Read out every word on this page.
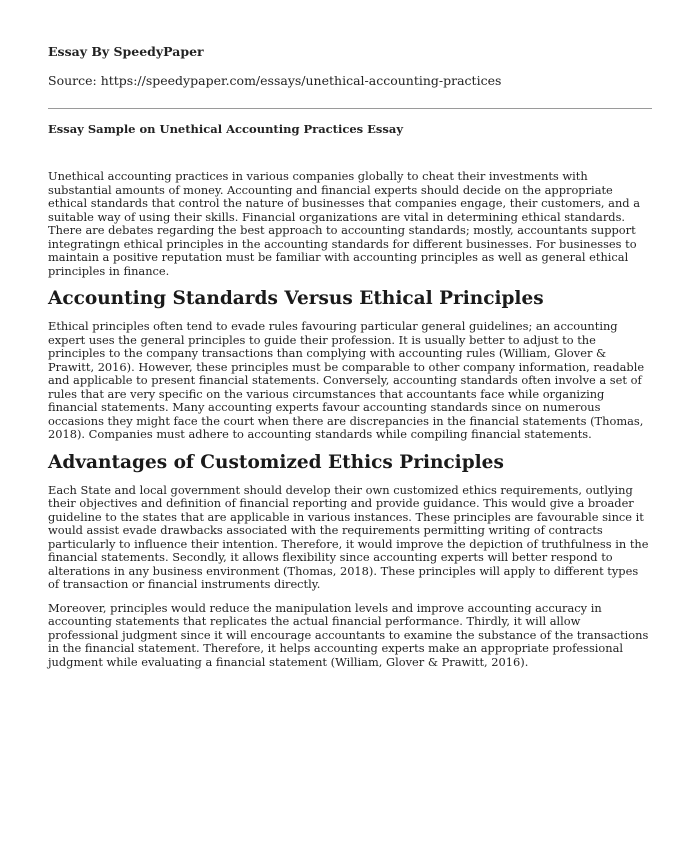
Essay By SpeedyPaper

Source: https://speedypaper.com/essays/unethical-accounting-practices

Essay Sample on Unethical Accounting Practices Essay

Unethical accounting practices in various companies globally to cheat their investments with substantial amounts of money. Accounting and financial experts should decide on the appropriate ethical standards that control the nature of businesses that companies engage, their customers, and a suitable way of using their skills. Financial organizations are vital in determining ethical standards. There are debates regarding the best approach to accounting standards; mostly, accountants support integratingn ethical principles in the accounting standards for different businesses. For businesses to maintain a positive reputation must be familiar with accounting principles as well as general ethical principles in finance.

Accounting Standards Versus Ethical Principles

Ethical principles often tend to evade rules favouring particular general guidelines; an accounting expert uses the general principles to guide their profession. It is usually better to adjust to the principles to the company transactions than complying with accounting rules (William, Glover & Prawitt, 2016). However, these principles must be comparable to other company information, readable and applicable to present financial statements. Conversely, accounting standards often involve a set of rules that are very specific on the various circumstances that accountants face while organizing financial statements. Many accounting experts favour accounting standards since on numerous occasions they might face the court when there are discrepancies in the financial statements (Thomas, 2018). Companies must adhere to accounting standards while compiling financial statements.

Advantages of Customized Ethics Principles

Each State and local government should develop their own customized ethics requirements, outlying their objectives and definition of financial reporting and provide guidance. This would give a broader guideline to the states that are applicable in various instances. These principles are favourable since it would assist evade drawbacks associated with the requirements permitting writing of contracts particularly to influence their intention. Therefore, it would improve the depiction of truthfulness in the financial statements. Secondly, it allows flexibility since accounting experts will better respond to alterations in any business environment (Thomas, 2018). These principles will apply to different types of transaction or financial instruments directly.

Moreover, principles would reduce the manipulation levels and improve accounting accuracy in accounting statements that replicates the actual financial performance. Thirdly, it will allow professional judgment since it will encourage accountants to examine the substance of the transactions in the financial statement. Therefore, it helps accounting experts make an appropriate professional judgment while evaluating a financial statement (William, Glover & Prawitt, 2016).
